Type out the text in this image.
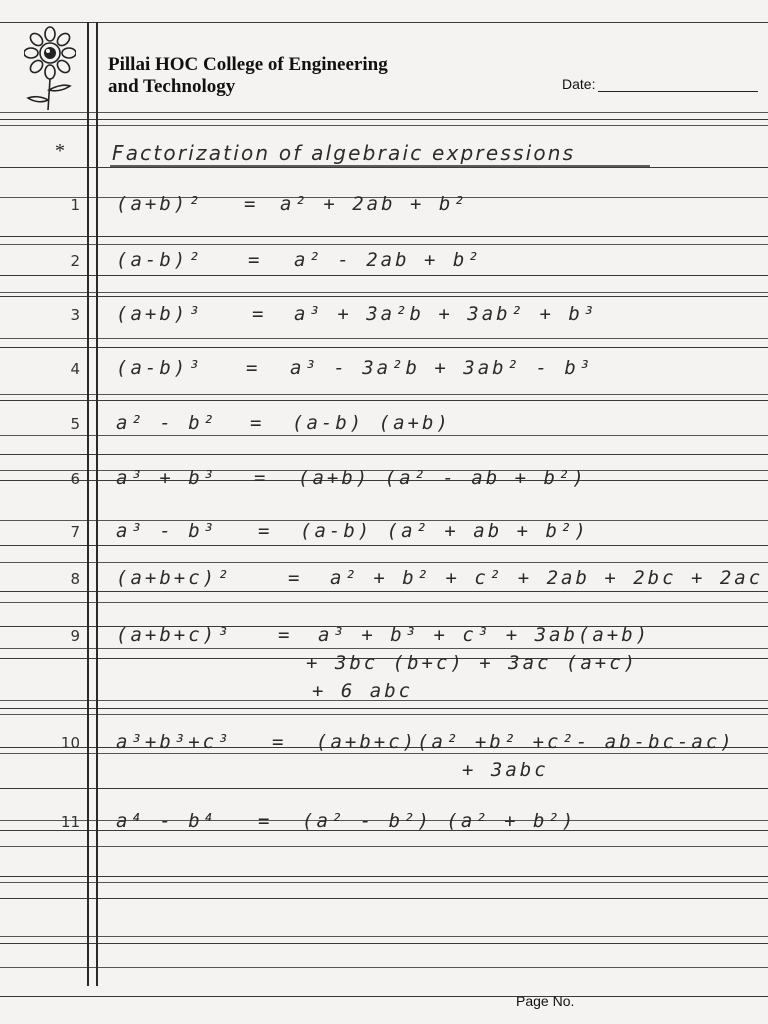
Pillai HOC College of Engineering
and Technology	Date:
* Factorization of algebraic expressions
1 (a+b)² = a² + 2ab + b²
2 (a-b)² = a² - 2ab + b²
3 (a+b)³	= a³ + 3a²b + 3ab² + b³
4 (a-b)³ = a³ - 3a²b + 3ab² - b³
5 a² - b² = (a-b) (a+b)
6 a³ + b³ = (a+b) (a² - ab + b²)
7 a³ - b³ = (a-b) (a² + ab + b²)
8 (a+b+c)²	= a² + b² + c² + 2ab + 2bc + 2ac
9 (a+b+c)³ = a³ + b³ + c³ + 3ab(a+b)
+ 3bc (b+c) + 3ac (a+c)
+ 6 abc
10 a³+b³+c³ = (a+b+c)(a² +b² +c²- ab-bc-ac)
+ 3abc
11 a⁴ - b⁴ = (a² - b²) (a² + b²)
Page No.
